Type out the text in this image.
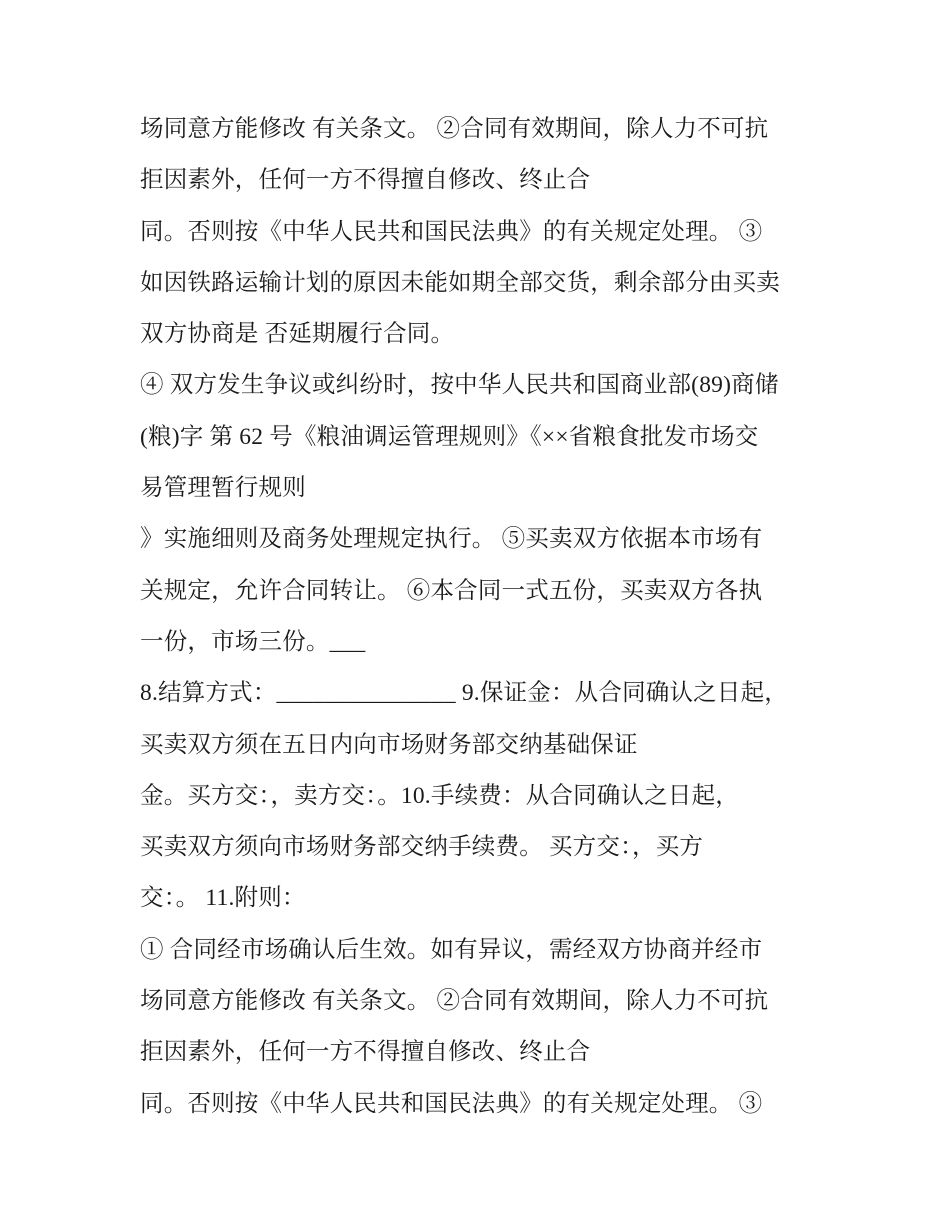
场同意方能修改 有关条文。 ②合同有效期间，除人力不可抗
拒因素外，任何一方不得擅自修改、终止合
同。否则按《中华人民共和国民法典》的有关规定处理。 ③
如因铁路运输计划的原因未能如期全部交货，剩余部分由买卖
双方协商是 否延期履行合同。
④ 双方发生争议或纠纷时，按中华人民共和国商业部(89)商储
(粮)字 第 62 号《粮油调运管理规则》《××省粮食批发市场交
易管理暂行规则
》实施细则及商务处理规定执行。 ⑤买卖双方依据本市场有
关规定，允许合同转让。 ⑥本合同一式五份，买卖双方各执
一份，市场三份。___
8.结算方式：_______________ 9.保证金：从合同确认之日起，
买卖双方须在五日内向市场财务部交纳基础保证
金。买方交：，卖方交：。10.手续费：从合同确认之日起，
买卖双方须向市场财务部交纳手续费。 买方交：，买方
交：。 11.附则：
① 合同经市场确认后生效。如有异议，需经双方协商并经市
场同意方能修改 有关条文。 ②合同有效期间，除人力不可抗
拒因素外，任何一方不得擅自修改、终止合
同。否则按《中华人民共和国民法典》的有关规定处理。 ③
